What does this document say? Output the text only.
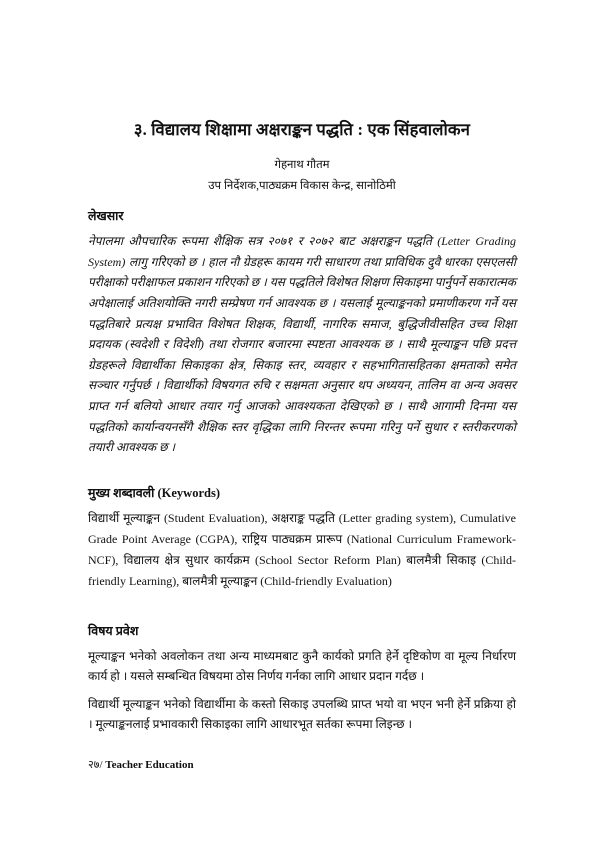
३. विद्यालय शिक्षामा अक्षराङ्कन पद्धति : एक सिंहवालोकन
गेहनाथ गौतम
उप निर्देशक,पाठ्यक्रम विकास केन्द्र, सानोठिमी
लेखसार

नेपालमा औपचारिक रूपमा शैक्षिक सत्र २०७१ र २०७२ बाट अक्षराङ्कन पद्धति (Letter Grading System) लागु गरिएको छ । हाल नौ ग्रेडहरू कायम गरी साधारण तथा प्राविधिक दुवै धारका एसएलसी परीक्षाको परीक्षाफल प्रकाशन गरिएको छ । यस पद्धतिले विशेषत शिक्षण सिकाइमा पार्नुपर्ने सकारात्मक अपेक्षालाई अतिशयोक्ति नगरी सम्प्रेषण गर्न आवश्यक छ । यसलाई मूल्याङ्कनको प्रमाणीकरण गर्ने यस पद्धतिबारे प्रत्यक्ष प्रभावित विशेषत शिक्षक, विद्यार्थी, नागरिक समाज, बुद्धिजीवीसहित उच्च शिक्षा प्रदायक (स्वदेशी र विदेशी) तथा रोजगार बजारमा स्पष्टता आवश्यक छ । साथै मूल्याङ्कन पछि प्रदत्त ग्रेडहरूले विद्यार्थीका सिकाइका क्षेत्र, सिकाइ स्तर, व्यवहार र सहभागितासहितका क्षमताको समेत सञ्चार गर्नुपर्छ । विद्यार्थीको विषयगत रुचि र सक्षमता अनुसार थप अध्ययन, तालिम वा अन्य अवसर प्राप्त गर्न बलियो आधार तयार गर्नु आजको आवश्यकता देखिएको छ । साथै आगामी दिनमा यस पद्धतिको कार्यान्वयनसँगै शैक्षिक स्तर वृद्धिका लागि निरन्तर रूपमा गरिनु पर्ने सुधार र स्तरीकरणको तयारी आवश्यक छ ।

मुख्य शब्दावली (Keywords)
विद्यार्थी मूल्याङ्कन (Student Evaluation), अक्षराङ्क पद्धति (Letter grading system), Cumulative Grade Point Average (CGPA), राष्ट्रिय पाठ्यक्रम प्रारूप (National Curriculum Framework-NCF), विद्यालय क्षेत्र सुधार कार्यक्रम (School Sector Reform Plan) बालमैत्री सिकाइ (Child-friendly Learning), बालमैत्री मूल्याङ्कन (Child-friendly Evaluation)
विषय प्रवेश
मूल्याङ्कन भनेको अवलोकन तथा अन्य माध्यमबाट कुनै कार्यको प्रगति हेर्ने दृष्टिकोण वा मूल्य निर्धारण कार्य हो । यसले सम्बन्धित विषयमा ठोस निर्णय गर्नका लागि आधार प्रदान गर्दछ ।
विद्यार्थी मूल्याङ्कन भनेको विद्यार्थीमा के कस्तो सिकाइ उपलब्धि प्राप्त भयो वा भएन भनी हेर्ने प्रक्रिया हो । मूल्याङ्कनलाई प्रभावकारी सिकाइका लागि आधारभूत सर्तका रूपमा लिइन्छ ।
२७/ Teacher Education
